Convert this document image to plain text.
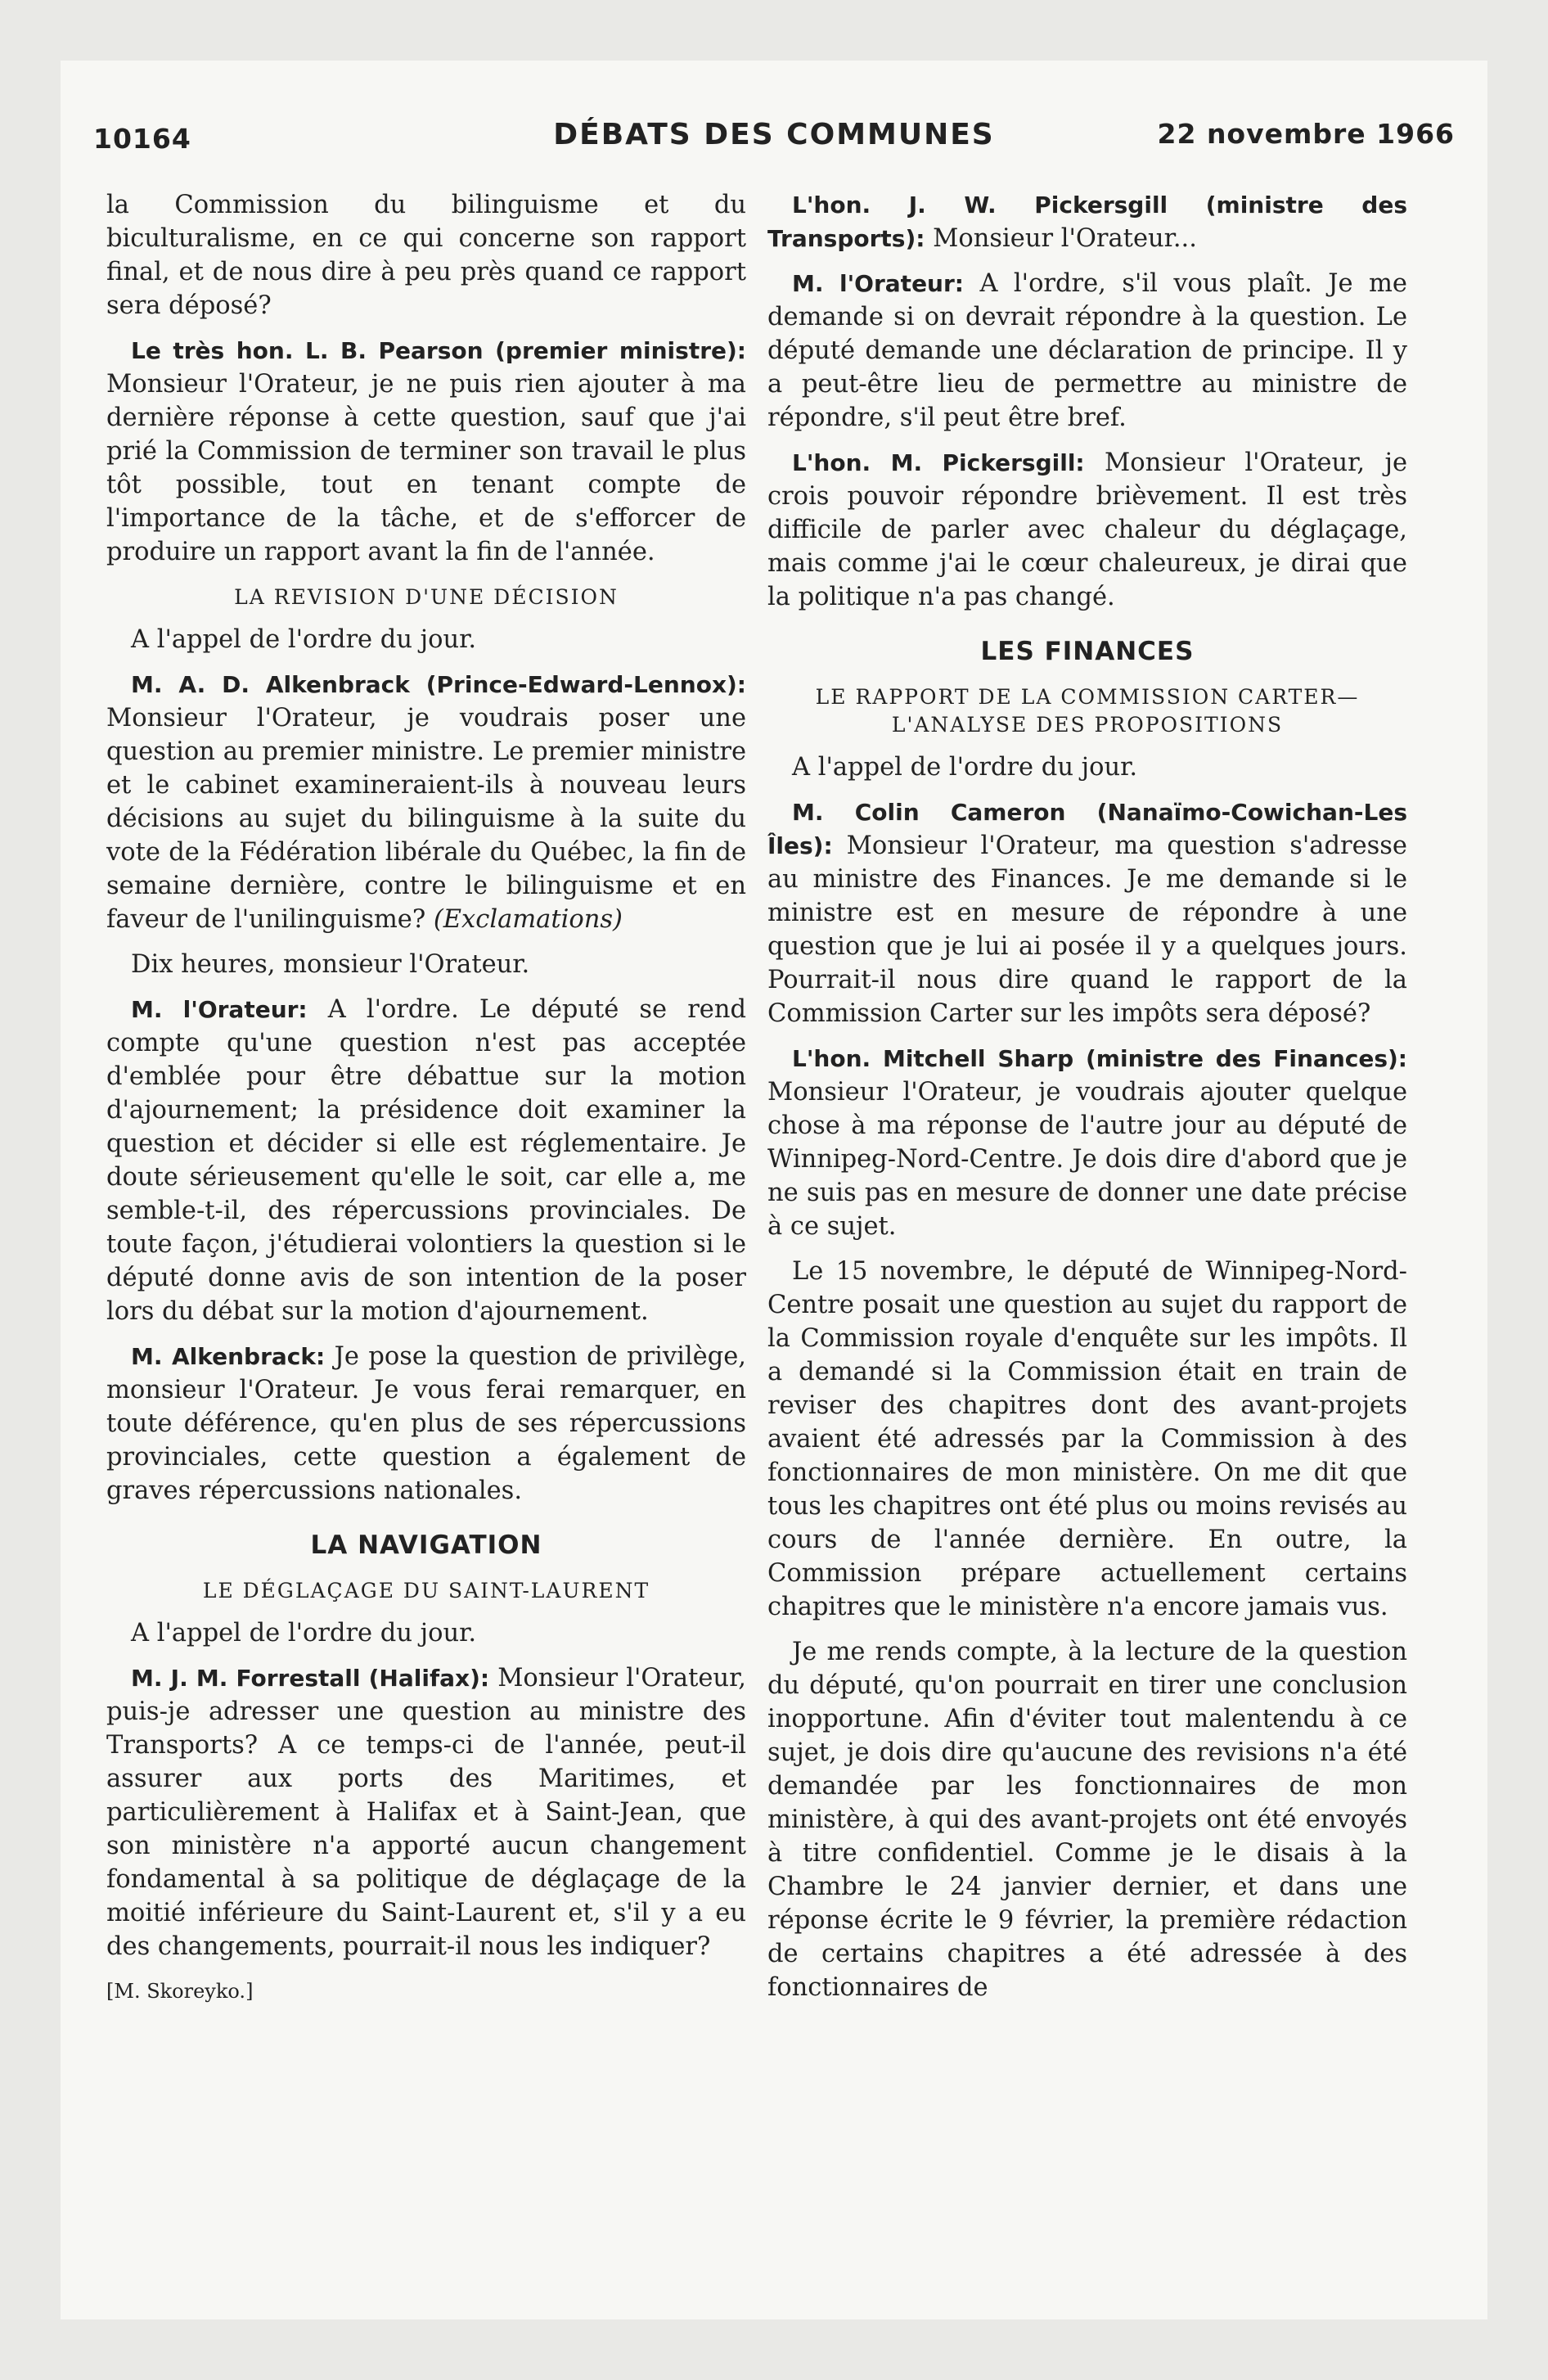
10164	DÉBATS DES COMMUNES	22 novembre 1966

la Commission du bilinguisme et du biculturalisme, en ce qui concerne son rapport final, et de nous dire à peu près quand ce rapport sera déposé?

Le très hon. L. B. Pearson (premier ministre): Monsieur l'Orateur, je ne puis rien ajouter à ma dernière réponse à cette question, sauf que j'ai prié la Commission de terminer son travail le plus tôt possible, tout en tenant compte de l'importance de la tâche, et de s'efforcer de produire un rapport avant la fin de l'année.

LA REVISION D'UNE DÉCISION

A l'appel de l'ordre du jour.

M. A. D. Alkenbrack (Prince-Edward-Lennox): Monsieur l'Orateur, je voudrais poser une question au premier ministre. Le premier ministre et le cabinet examineraient-ils à nouveau leurs décisions au sujet du bilinguisme à la suite du vote de la Fédération libérale du Québec, la fin de semaine dernière, contre le bilinguisme et en faveur de l'unilinguisme? (Exclamations)

Dix heures, monsieur l'Orateur.

M. l'Orateur: A l'ordre. Le député se rend compte qu'une question n'est pas acceptée d'emblée pour être débattue sur la motion d'ajournement; la présidence doit examiner la question et décider si elle est réglementaire. Je doute sérieusement qu'elle le soit, car elle a, me semble-t-il, des répercussions provinciales. De toute façon, j'étudierai volontiers la question si le député donne avis de son intention de la poser lors du débat sur la motion d'ajournement.

M. Alkenbrack: Je pose la question de privilège, monsieur l'Orateur. Je vous ferai remarquer, en toute déférence, qu'en plus de ses répercussions provinciales, cette question a également de graves répercussions nationales.

LA NAVIGATION
LE DÉGLAÇAGE DU SAINT-LAURENT

A l'appel de l'ordre du jour.

M. J. M. Forrestall (Halifax): Monsieur l'Orateur, puis-je adresser une question au ministre des Transports? A ce temps-ci de l'année, peut-il assurer aux ports des Maritimes, et particulièrement à Halifax et à Saint-Jean, que son ministère n'a apporté aucun changement fondamental à sa politique de déglaçage de la moitié inférieure du Saint-Laurent et, s'il y a eu des changements, pourrait-il nous les indiquer?

[M. Skoreyko.]

L'hon. J. W. Pickersgill (ministre des Transports): Monsieur l'Orateur...

M. l'Orateur: A l'ordre, s'il vous plaît. Je me demande si on devrait répondre à la question. Le député demande une déclaration de principe. Il y a peut-être lieu de permettre au ministre de répondre, s'il peut être bref.

L'hon. M. Pickersgill: Monsieur l'Orateur, je crois pouvoir répondre brièvement. Il est très difficile de parler avec chaleur du déglaçage, mais comme j'ai le cœur chaleureux, je dirai que la politique n'a pas changé.

LES FINANCES
LE RAPPORT DE LA COMMISSION CARTER—
L'ANALYSE DES PROPOSITIONS

A l'appel de l'ordre du jour.

M. Colin Cameron (Nanaïmo-Cowichan-Les Îles): Monsieur l'Orateur, ma question s'adresse au ministre des Finances. Je me demande si le ministre est en mesure de répondre à une question que je lui ai posée il y a quelques jours. Pourrait-il nous dire quand le rapport de la Commission Carter sur les impôts sera déposé?

L'hon. Mitchell Sharp (ministre des Finances): Monsieur l'Orateur, je voudrais ajouter quelque chose à ma réponse de l'autre jour au député de Winnipeg-Nord-Centre. Je dois dire d'abord que je ne suis pas en mesure de donner une date précise à ce sujet.

Le 15 novembre, le député de Winnipeg-Nord-Centre posait une question au sujet du rapport de la Commission royale d'enquête sur les impôts. Il a demandé si la Commission était en train de reviser des chapitres dont des avant-projets avaient été adressés par la Commission à des fonctionnaires de mon ministère. On me dit que tous les chapitres ont été plus ou moins revisés au cours de l'année dernière. En outre, la Commission prépare actuellement certains chapitres que le ministère n'a encore jamais vus.

Je me rends compte, à la lecture de la question du député, qu'on pourrait en tirer une conclusion inopportune. Afin d'éviter tout malentendu à ce sujet, je dois dire qu'aucune des revisions n'a été demandée par les fonctionnaires de mon ministère, à qui des avant-projets ont été envoyés à titre confidentiel. Comme je le disais à la Chambre le 24 janvier dernier, et dans une réponse écrite le 9 février, la première rédaction de certains chapitres a été adressée à des fonctionnaires de
